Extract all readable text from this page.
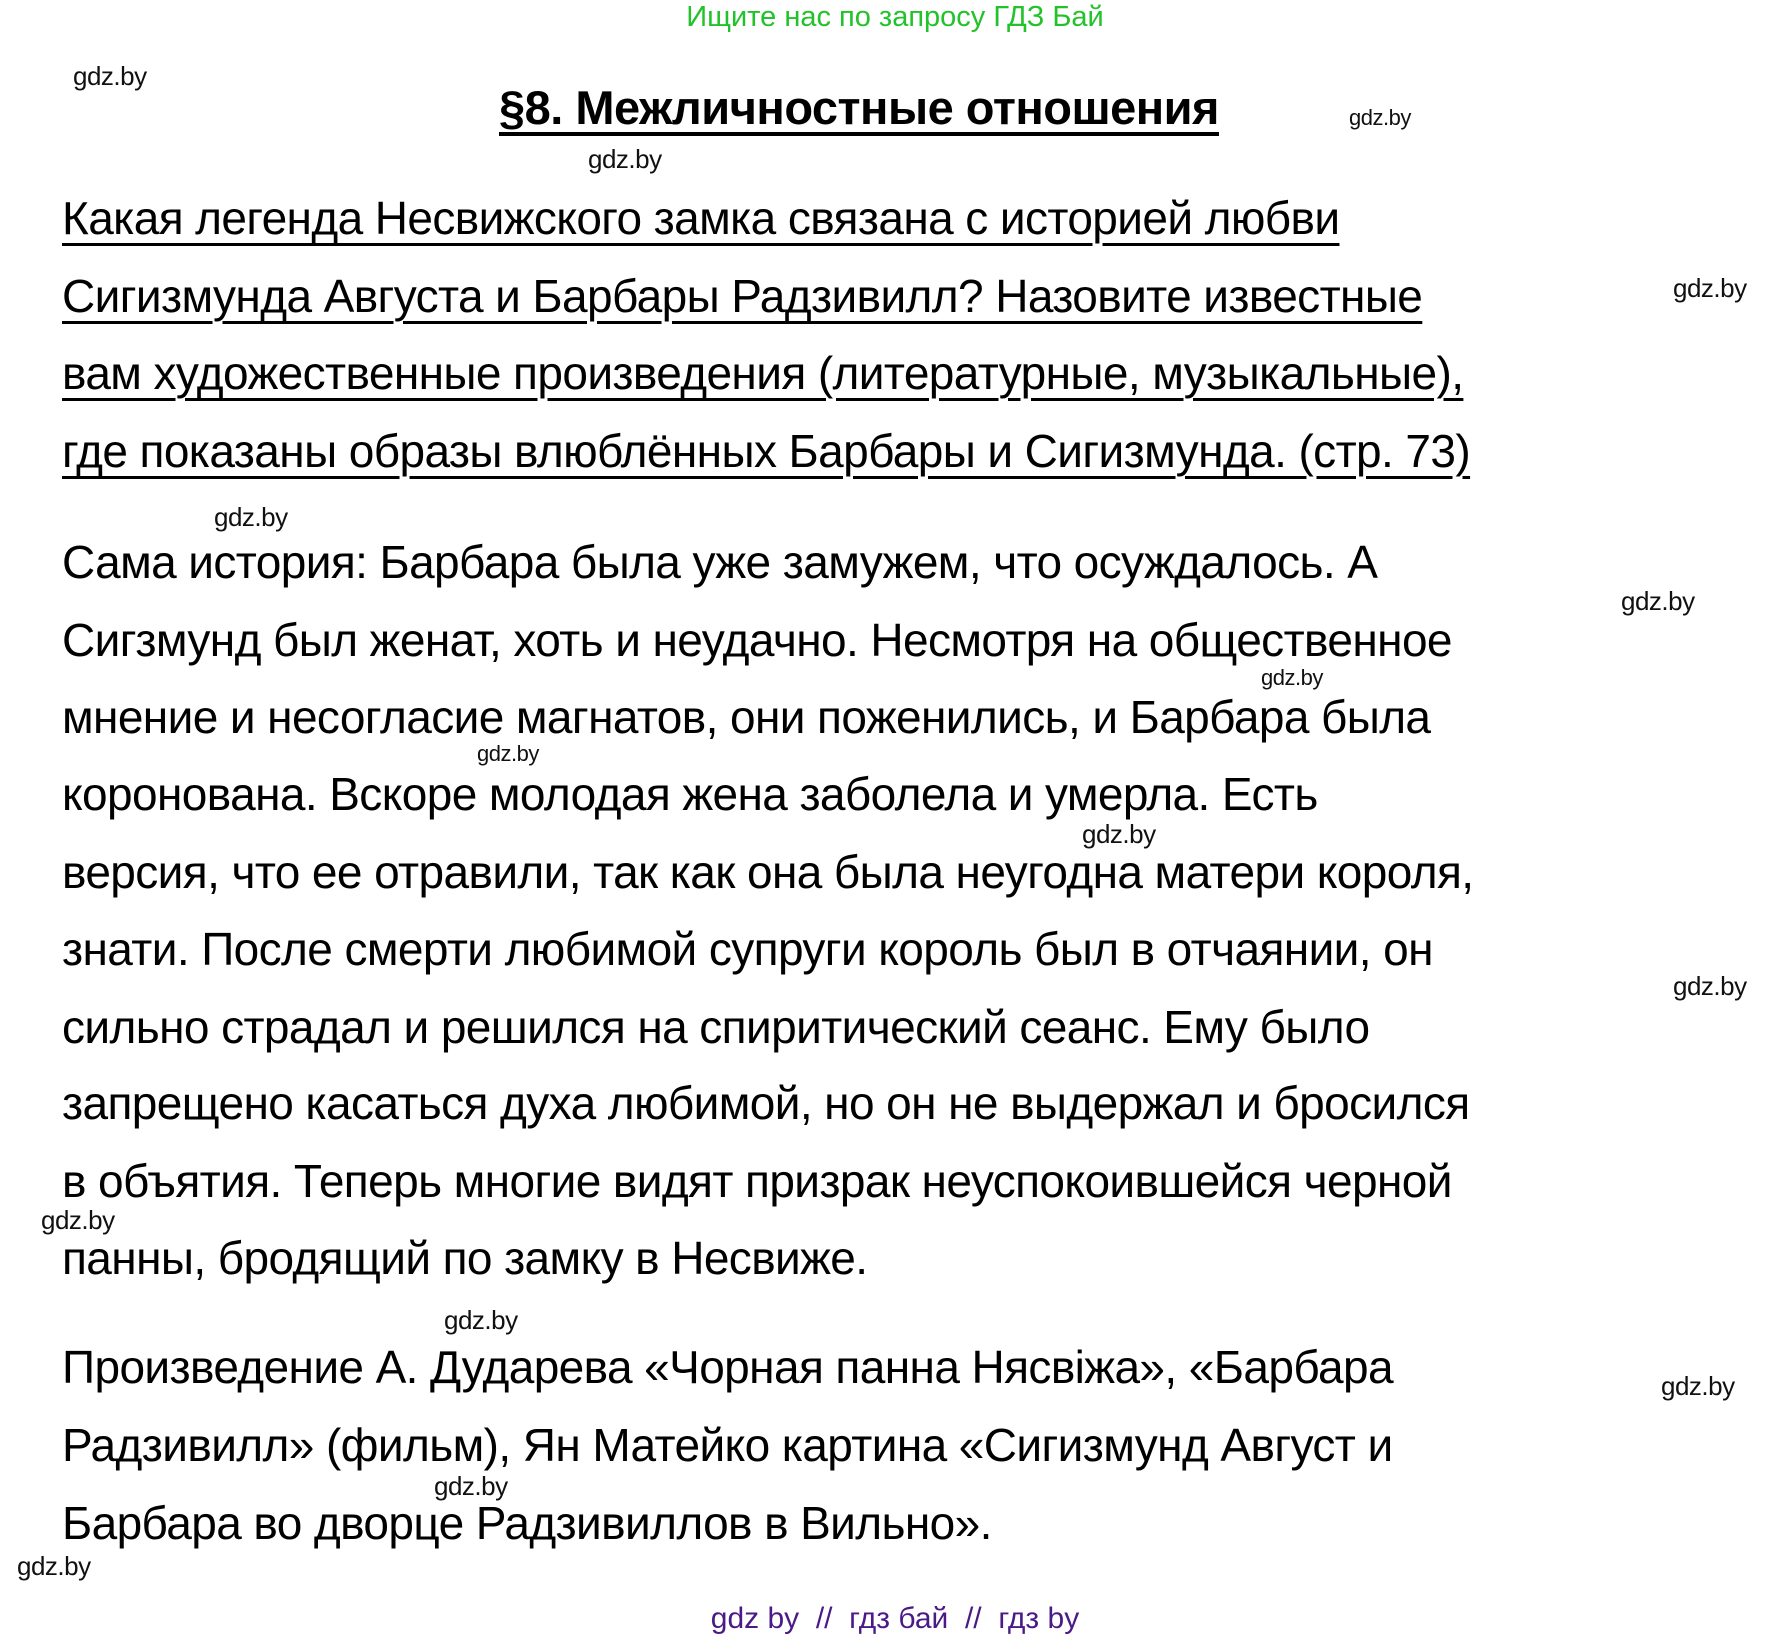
Ищите нас по запросу ГДЗ Бай
§8. Межличностные отношения
Какая легенда Несвижского замка связана с историей любви
Сигизмунда Августа и Барбары Радзивилл? Назовите известные
вам художественные произведения (литературные, музыкальные),
где показаны образы влюблённых Барбары и Сигизмунда. (стр. 73)
Сама история: Барбара была уже замужем, что осуждалось. А
Сигзмунд был женат, хоть и неудачно. Несмотря на общественное
мнение и несогласие магнатов, они поженились, и Барбара была
коронована. Вскоре молодая жена заболела и умерла. Есть
версия, что ее отравили, так как она была неугодна матери короля,
знати. После смерти любимой супруги король был в отчаянии, он
сильно страдал и решился на спиритический сеанс. Ему было
запрещено касаться духа любимой, но он не выдержал и бросился
в объятия. Теперь многие видят призрак неуспокоившейся черной
панны, бродящий по замку в Несвиже.
Произведение А. Дударева «Чорная панна Нясвіжа», «Барбара
Радзивилл» (фильм), Ян Матейко картина «Сигизмунд Август и
Барбара во дворце Радзивиллов в Вильно».
gdz.by
gdz.by
gdz.by
gdz.by
gdz.by
gdz.by
gdz.by
gdz.by
gdz.by
gdz.by
gdz.by
gdz.by
gdz.by
gdz.by
gdz.by
gdz by  //  гдз бай  //  гдз by
